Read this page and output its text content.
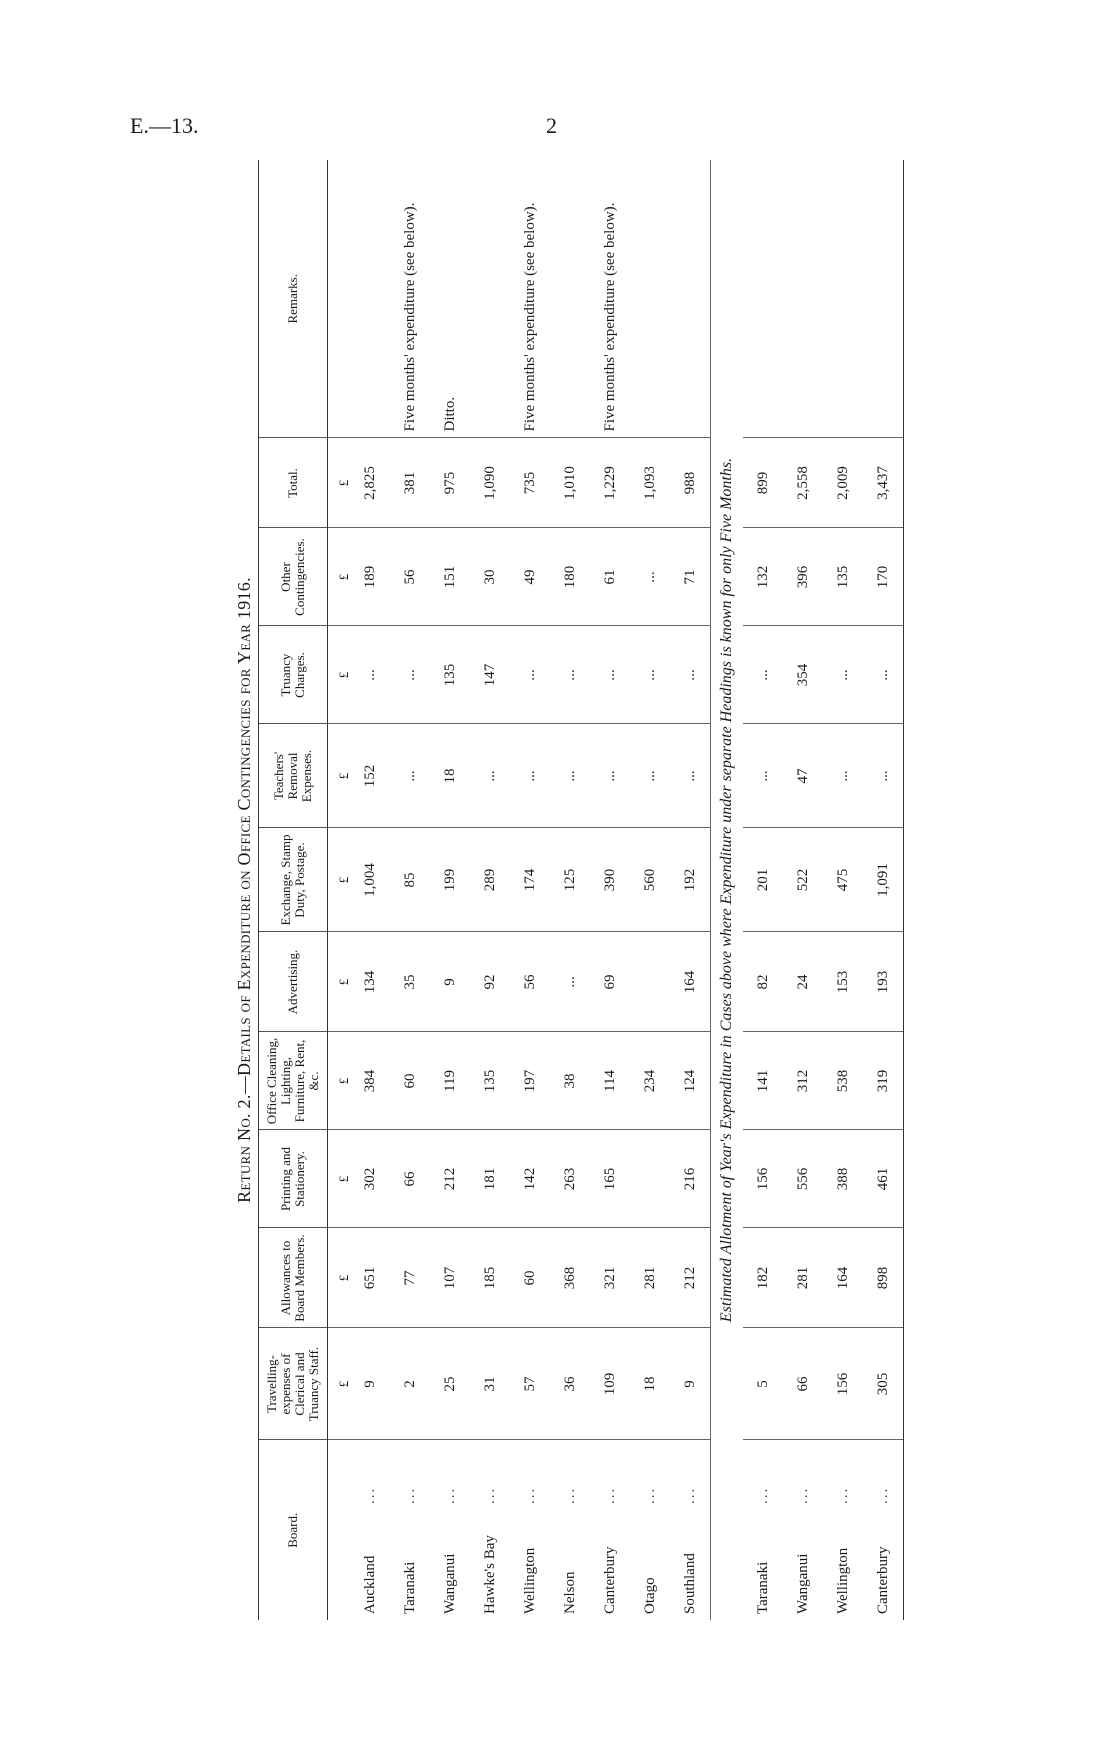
E.—13.	2
Return No. 2.—Details of Expenditure on Office Contingencies for Year 1916.
Board.	Travelling-expenses of Clerical and Truancy Staff.	Allowances to Board Members.	Printing and Stationery.	Office Cleaning, Lighting, Furniture, Rent, &c.	Advertising.	Exchange, Stamp Duty, Postage.	Teachers' Removal Expenses.	Truancy Charges.	Other Contingencies.	Total.	Remarks.
	£	£	£	£	£	£	£	£	£	£	
Auckland...	9	651	302	384	134	1,004	152	...	189	2,825	
Taranaki...	2	77	66	60	35	85	...	...	56	381	Five months' expenditure (see below).
Wanganui...	25	107	212	119	9	199	18	135	151	975	Ditto.
Hawke's Bay...	31	185	181	135	92	289	...	147	30	1,090	
Wellington...	57	60	142	197	56	174	...	...	49	735	Five months' expenditure (see below).
Nelson...	36	368	263	38	...	125	...	...	180	1,010	
Canterbury...	109	321	165	114	69	390	...	...	61	1,229	Five months' expenditure (see below).
Otago...	18	281		234		560	...	...	...	1,093	
Southland...	9	212	216	124	164	192	...	...	71	988	
Estimated Allotment of Year's Expenditure in Cases above where Expenditure under separate Headings is known for only Five Months.											
Taranaki...	5	182	156	141	82	201	...	...	132	899	
Wanganui...	66	281	556	312	24	522	47	354	396	2,558	
Wellington...	156	164	388	538	153	475	...	...	135	2,009	
Canterbury...	305	898	461	319	193	1,091	...	...	170	3,437	
